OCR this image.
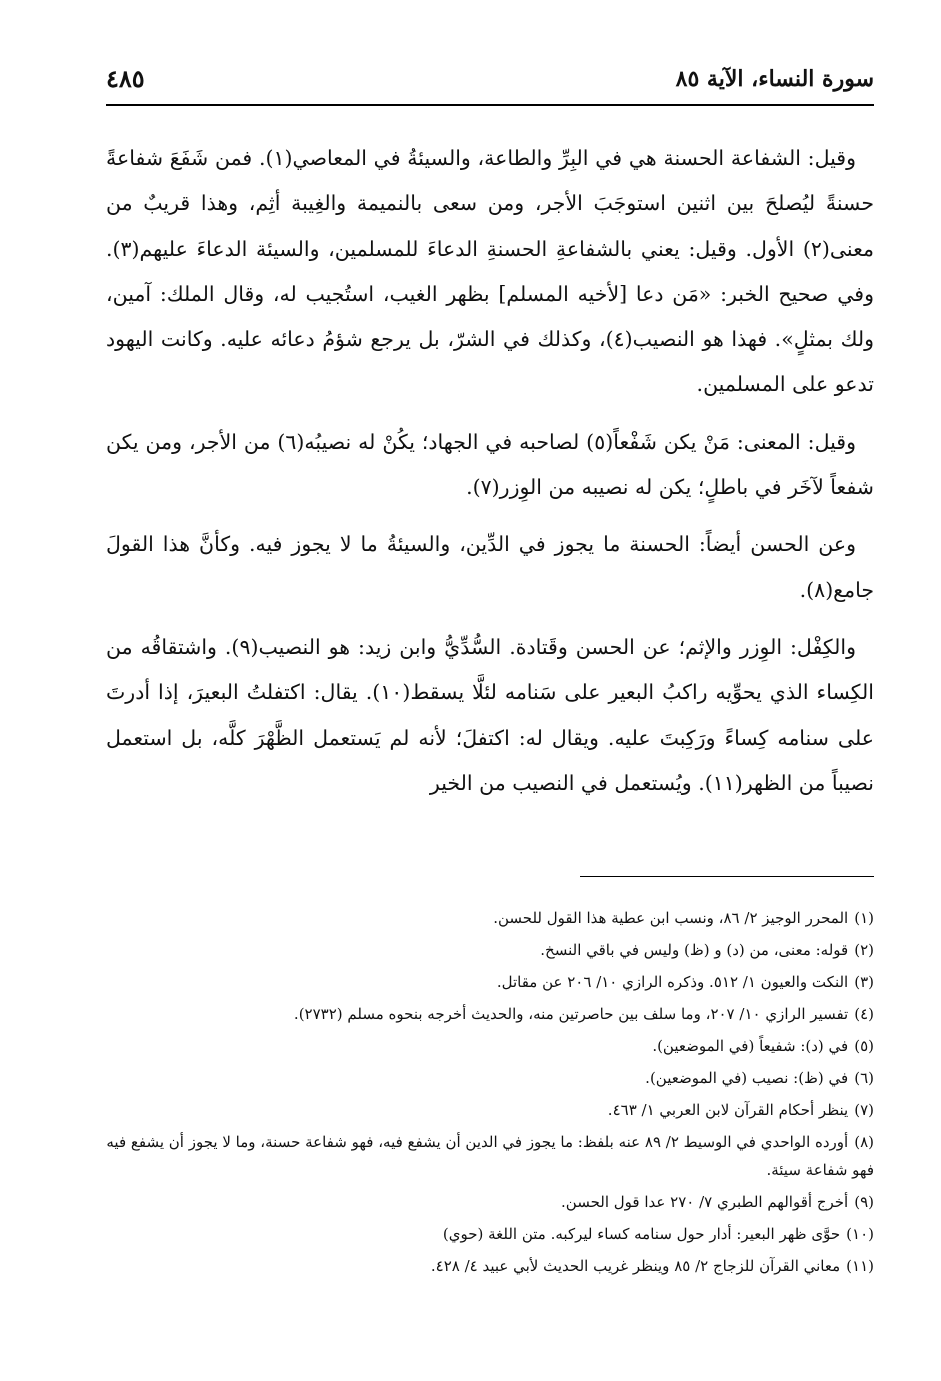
سورة النساء، الآية ٨٥
٤٨٥

وقيل: الشفاعة الحسنة هي في البِرِّ والطاعة، والسيئةُ في المعاصي(١). فمن شَفَعَ شفاعةً حسنةً ليُصلحَ بين اثنين استوجَبَ الأجر، ومن سعى بالنميمة والغِيبة أثِم، وهذا قريبٌ من معنى(٢) الأول. وقيل: يعني بالشفاعةِ الحسنةِ الدعاءَ للمسلمين، والسيئة الدعاءَ عليهم(٣). وفي صحيح الخبر: «مَن دعا [لأخيه المسلم] بظهر الغيب، استُجيب له، وقال الملك: آمين، ولك بمثلٍ». فهذا هو النصيب(٤)، وكذلك في الشرّ، بل يرجع شؤمُ دعائه عليه. وكانت اليهود تدعو على المسلمين.

وقيل: المعنى: مَنْ يكن شَفْعاً(٥) لصاحبه في الجهاد؛ يكُنْ له نصيبُه(٦) من الأجر، ومن يكن شفعاً لآخَر في باطلٍ؛ يكن له نصيبه من الوِزر(٧).

وعن الحسن أيضاً: الحسنة ما يجوز في الدِّين، والسيئةُ ما لا يجوز فيه. وكأنَّ هذا القولَ جامع(٨).

والكِفْل: الوِزر والإثم؛ عن الحسن وقَتادة. السُّدِّيُّ وابن زيد: هو النصيب(٩). واشتقاقُه من الكِساء الذي يحوِّيه راكبُ البعير على سَنامه لئلَّا يسقط(١٠). يقال: اكتفلتُ البعيرَ، إذا أدرتَ على سنامه كِساءً ورَكِبتَ عليه. ويقال له: اكتفلَ؛ لأنه لم يَستعمل الظَّهْرَ كلَّه، بل استعمل نصيباً من الظهر(١١). ويُستعمل في النصيب من الخير

(١)المحرر الوجيز ٢/ ٨٦، ونسب ابن عطية هذا القول للحسن.
(٢)قوله: معنى، من (د) و (ظ) وليس في باقي النسخ.
(٣)النكت والعيون ١/ ٥١٢. وذكره الرازي ١٠/ ٢٠٦ عن مقاتل.
(٤)تفسير الرازي ١٠/ ٢٠٧، وما سلف بين حاصرتين منه، والحديث أخرجه بنحوه مسلم (٢٧٣٢).
(٥)في (د): شفيعاً (في الموضعين).
(٦)في (ظ): نصيب (في الموضعين).
(٧)ينظر أحكام القرآن لابن العربي ١/ ٤٦٣.
(٨)أورده الواحدي في الوسيط ٢/ ٨٩ عنه بلفظ: ما يجوز في الدين أن يشفع فيه، فهو شفاعة حسنة، وما لا يجوز أن يشفع فيه فهو شفاعة سيئة.
(٩)أخرج أقوالهم الطبري ٧/ ٢٧٠ عدا قول الحسن.
(١٠)حوَّى ظهر البعير: أدار حول سنامه كساء ليركبه. متن اللغة (حوي)
(١١)معاني القرآن للزجاج ٢/ ٨٥ وينظر غريب الحديث لأبي عبيد ٤/ ٤٢٨.
